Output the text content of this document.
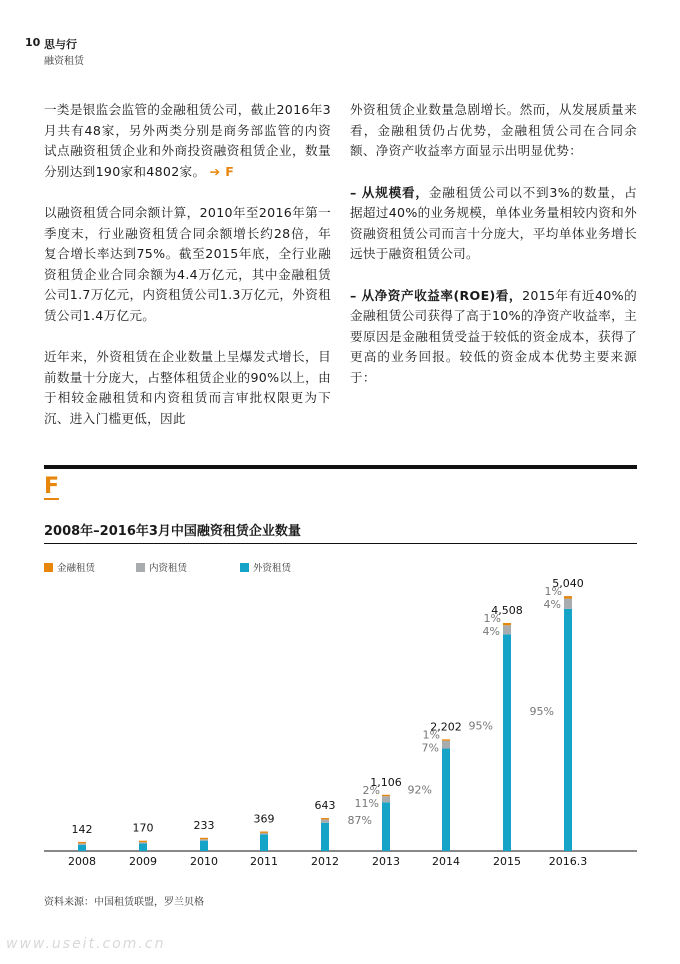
10 思与行
融资租赁

一类是银监会监管的金融租赁公司，截止2016年3月共有48家，另外两类分别是商务部监管的内资试点融资租赁企业和外商投资融资租赁企业，数量分别达到190家和4802家。 ➔ F

以融资租赁合同余额计算，2010年至2016年第一季度末，行业融资租赁合同余额增长约28倍，年复合增长率达到75%。截至2015年底，全行业融资租赁企业合同余额为4.4万亿元，其中金融租赁公司1.7万亿元，内资租赁公司1.3万亿元，外资租赁公司1.4万亿元。

近年来，外资租赁在企业数量上呈爆发式增长，目前数量十分庞大，占整体租赁企业的90%以上，由于相较金融租赁和内资租赁而言审批权限更为下沉、进入门槛更低，因此

外资租赁企业数量急剧增长。然而，从发展质量来看，金融租赁仍占优势，金融租赁公司在合同余额、净资产收益率方面显示出明显优势：

– 从规模看，金融租赁公司以不到3%的数量，占据超过40%的业务规模，单体业务量相较内资和外资融资租赁公司而言十分庞大，平均单体业务增长远快于融资租赁公司。

– 从净资产收益率(ROE)看，2015年有近40%的金融租赁公司获得了高于10%的净资产收益率，主要原因是金融租赁受益于较低的资金成本，获得了更高的业务回报。较低的资金成本优势主要来源于：

F
2008年–2016年3月中国融资租赁企业数量
金融租赁	内资租赁	外资租赁
142
2008
170
2009
233
2010
369
2011
643
2012
1,106
2013
87%
11%
2%
2,202
2014
92%
7%
1%
4,508
2015
95%
4%
1%
5,040
2016.3
95%
4%
1%
资料来源：中国租赁联盟，罗兰贝格
www.useit.com.cn
